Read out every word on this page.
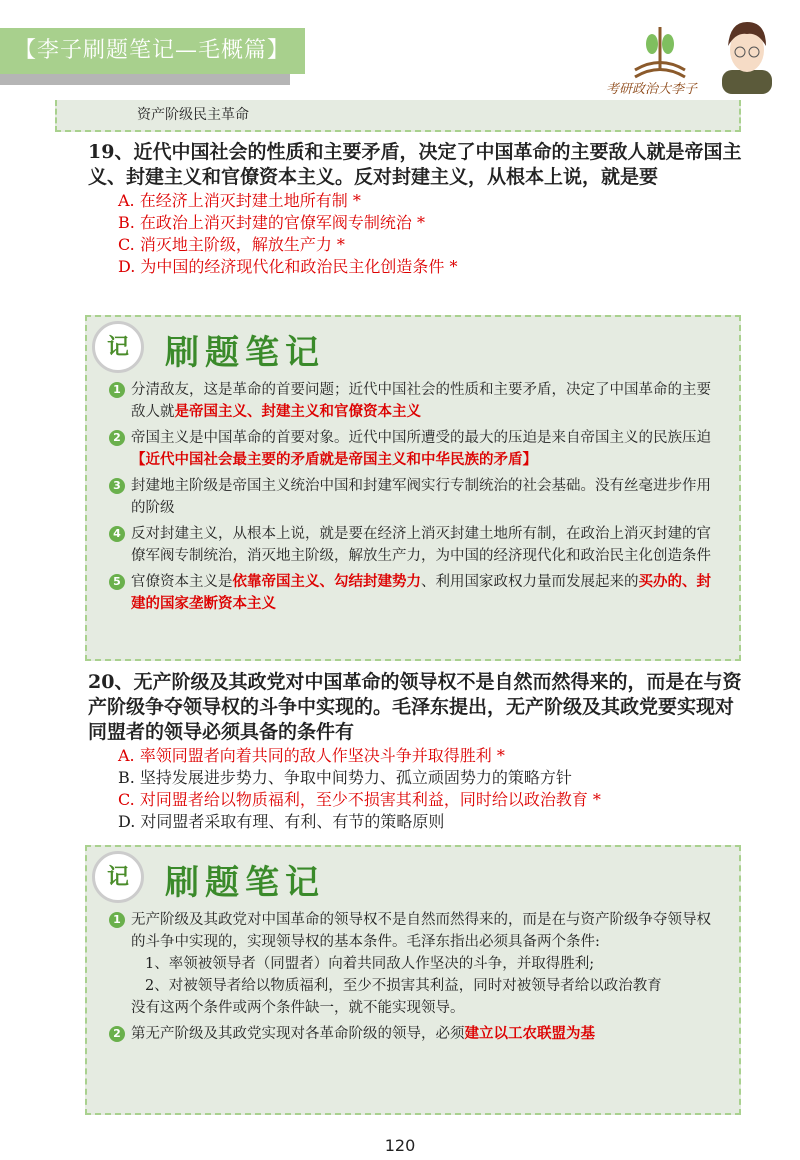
【李子刷题笔记—毛概篇】
考研政治大李子
资产阶级民主革命
19、近代中国社会的性质和主要矛盾，决定了中国革命的主要敌人就是帝国主义、封建主义和官僚资本主义。反对封建主义，从根本上说，就是要
A. 在经济上消灭封建土地所有制 *
B. 在政治上消灭封建的官僚军阀专制统治 *
C. 消灭地主阶级，解放生产力 *
D. 为中国的经济现代化和政治民主化创造条件 *
记	刷题笔记
1 分清敌友，这是革命的首要问题；近代中国社会的性质和主要矛盾，决定了中国革命的主要敌人就是帝国主义、封建主义和官僚资本主义
2 帝国主义是中国革命的首要对象。近代中国所遭受的最大的压迫是来自帝国主义的民族压迫【近代中国社会最主要的矛盾就是帝国主义和中华民族的矛盾】
3 封建地主阶级是帝国主义统治中国和封建军阀实行专制统治的社会基础。没有丝毫进步作用的阶级
4 反对封建主义，从根本上说，就是要在经济上消灭封建土地所有制，在政治上消灭封建的官僚军阀专制统治，消灭地主阶级，解放生产力，为中国的经济现代化和政治民主化创造条件
5 官僚资本主义是依靠帝国主义、勾结封建势力、利用国家政权力量而发展起来的买办的、封建的国家垄断资本主义
20、无产阶级及其政党对中国革命的领导权不是自然而然得来的，而是在与资产阶级争夺领导权的斗争中实现的。毛泽东提出，无产阶级及其政党要实现对同盟者的领导必须具备的条件有
A. 率领同盟者向着共同的敌人作坚决斗争并取得胜利 *
B. 坚持发展进步势力、争取中间势力、孤立顽固势力的策略方针
C. 对同盟者给以物质福利，至少不损害其利益，同时给以政治教育 *
D. 对同盟者采取有理、有利、有节的策略原则
记	刷题笔记
1 无产阶级及其政党对中国革命的领导权不是自然而然得来的，而是在与资产阶级争夺领导权的斗争中实现的，实现领导权的基本条件。毛泽东指出必须具备两个条件:
1、率领被领导者（同盟者）向着共同敌人作坚决的斗争，并取得胜利;
2、对被领导者给以物质福利，至少不损害其利益，同时对被领导者给以政治教育
没有这两个条件或两个条件缺一，就不能实现领导。
2 第无产阶级及其政党实现对各革命阶级的领导，必须建立以工农联盟为基
120
